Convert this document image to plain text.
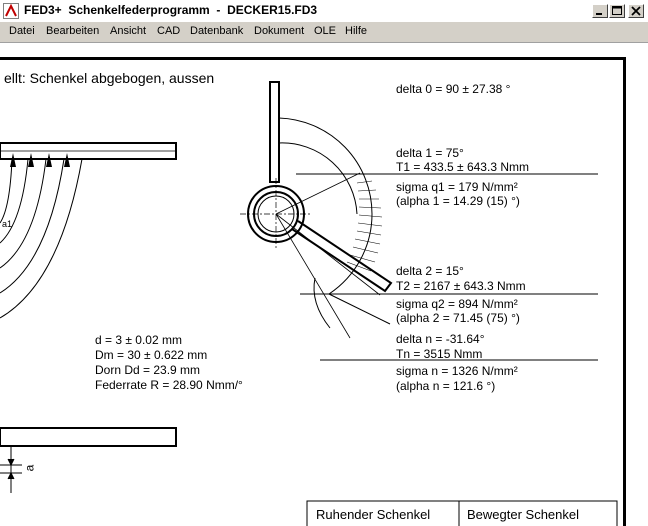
FED3+  Schenkelfederprogramm  -  DECKER15.FD3
Datei Bearbeiten Ansicht CAD Datenbank Dokument OLE Hilfe
ellt: Schenkel abgebogen, aussen
delta 0 = 90 ± 27.38 °
delta 1 = 75°
T1 = 433.5 ± 643.3 Nmm
sigma q1 = 179 N/mm²
(alpha 1 = 14.29 (15) °)
delta 2 = 15°
T2 = 2167 ± 643.3 Nmm
sigma q2 = 894 N/mm²
(alpha 2 = 71.45 (75) °)
delta n = -31.64°
Tn = 3515 Nmm
sigma n = 1326 N/mm²
(alpha n = 121.6 °)
d = 3 ± 0.02 mm
Dm = 30 ± 0.622 mm
Dorn Dd = 23.9 mm
Federrate R = 28.90 Nmm/°
a1
a
Ruhender Schenkel	Bewegter Schenkel
